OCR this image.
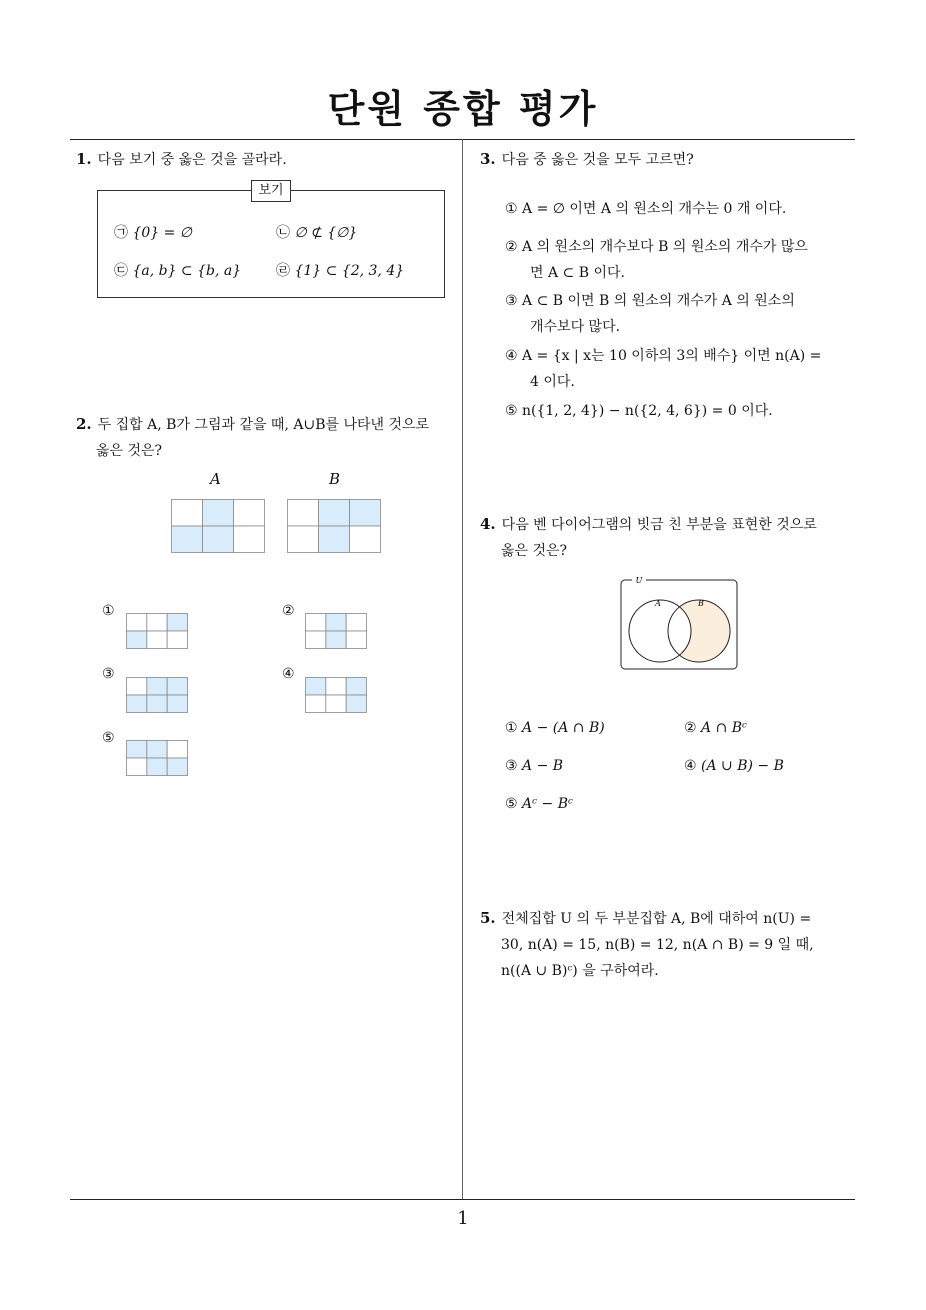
단원 종합 평가
1
1. 다음 보기 중 옳은 것을 골라라.
보기
㉠ {0} = ∅	㉡ ∅ ⊄ {∅}
㉢ {a, b} ⊂ {b, a} ㉣ {1} ⊂ {2, 3, 4}
2. 두 집합 A, B가 그림과 같을 때, A∪B를 나타낸 것으로
옳은 것은?
A	B
①	②
③	④
⑤
3. 다음 중 옳은 것을 모두 고르면?
① A = ∅ 이면 A 의 원소의 개수는 0 개 이다.
② A 의 원소의 개수보다 B 의 원소의 개수가 많으
면 A ⊂ B 이다.
③ A ⊂ B 이면 B 의 원소의 개수가 A 의 원소의
개수보다 많다.
④ A = {x | x는 10 이하의 3의 배수} 이면 n(A) =
4 이다.
⑤ n({1, 2, 4}) − n({2, 4, 6}) = 0 이다.
4. 다음 벤 다이어그램의 빗금 친 부분을 표현한 것으로
옳은 것은?
U
A	B
① A − (A ∩ B)	② A ∩ Bᶜ
③ A − B	④ (A ∪ B) − B
⑤ Aᶜ − Bᶜ
5. 전체집합 U 의 두 부분집합 A, B에 대하여 n(U) =
30, n(A) = 15, n(B) = 12, n(A ∩ B) = 9 일 때,
n((A ∪ B)ᶜ) 을 구하여라.
